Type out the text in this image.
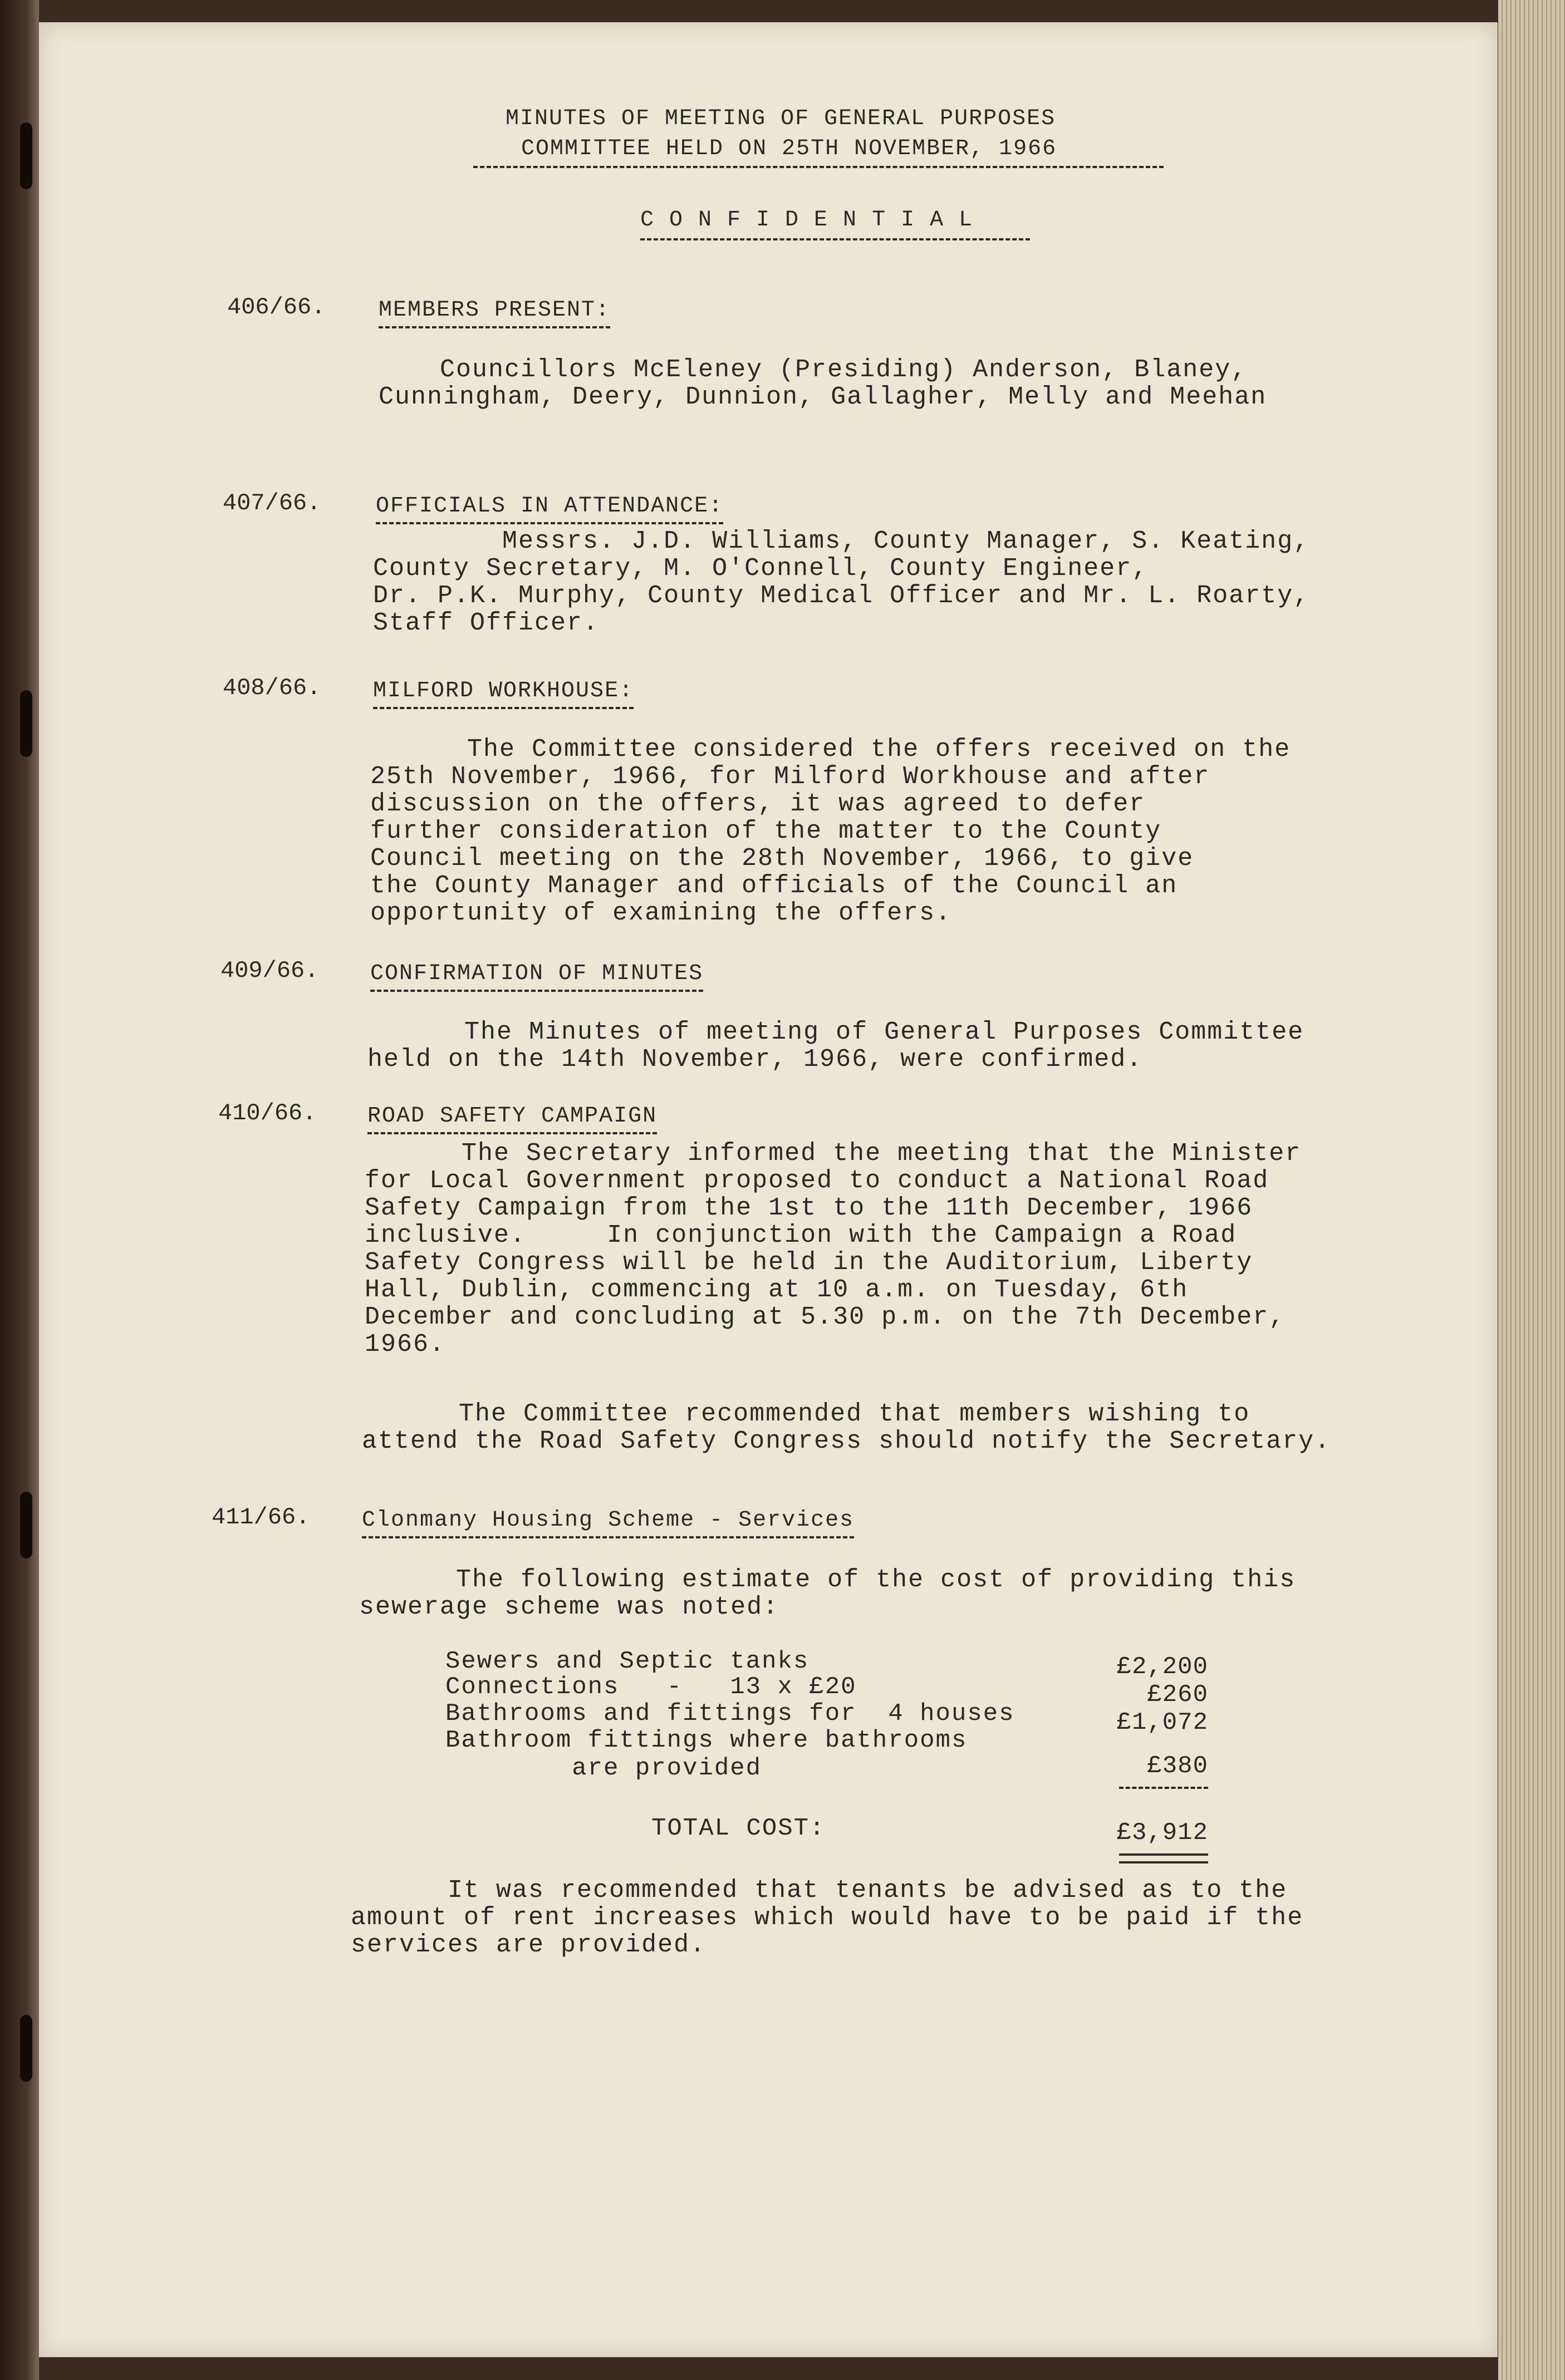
MINUTES OF MEETING OF GENERAL PURPOSES
COMMITTEE HELD ON 25TH NOVEMBER, 1966
C O N F I D E N T I A L
406/66. MEMBERS PRESENT:
Councillors McEleney (Presiding) Anderson, Blaney,
Cunningham, Deery, Dunnion, Gallagher, Melly and Meehan
407/66. OFFICIALS IN ATTENDANCE:
Messrs. J.D. Williams, County Manager, S. Keating,
County Secretary, M. O'Connell, County Engineer,
Dr. P.K. Murphy, County Medical Officer and Mr. L. Roarty,
Staff Officer.
408/66. MILFORD WORKHOUSE:
The Committee considered the offers received on the
25th November, 1966, for Milford Workhouse and after
discussion on the offers, it was agreed to defer
further consideration of the matter to the County
Council meeting on the 28th November, 1966, to give
the County Manager and officials of the Council an
opportunity of examining the offers.
409/66. CONFIRMATION OF MINUTES
The Minutes of meeting of General Purposes Committee
held on the 14th November, 1966, were confirmed.
410/66. ROAD SAFETY CAMPAIGN
The Secretary informed the meeting that the Minister
for Local Government proposed to conduct a National Road
Safety Campaign from the 1st to the 11th December, 1966
inclusive.     In conjunction with the Campaign a Road
Safety Congress will be held in the Auditorium, Liberty
Hall, Dublin, commencing at 10 a.m. on Tuesday, 6th
December and concluding at 5.30 p.m. on the 7th December,
1966.
The Committee recommended that members wishing to
attend the Road Safety Congress should notify the Secretary.
411/66. Clonmany Housing Scheme - Services
The following estimate of the cost of providing this
sewerage scheme was noted:
Sewers and Septic tanks	£2,200
Connections   -   13 x £20	£260
Bathrooms and fittings for  4 houses	£1,072
Bathroom fittings where bathrooms
are provided	£380
TOTAL COST:	£3,912
It was recommended that tenants be advised as to the
amount of rent increases which would have to be paid if the
services are provided.
